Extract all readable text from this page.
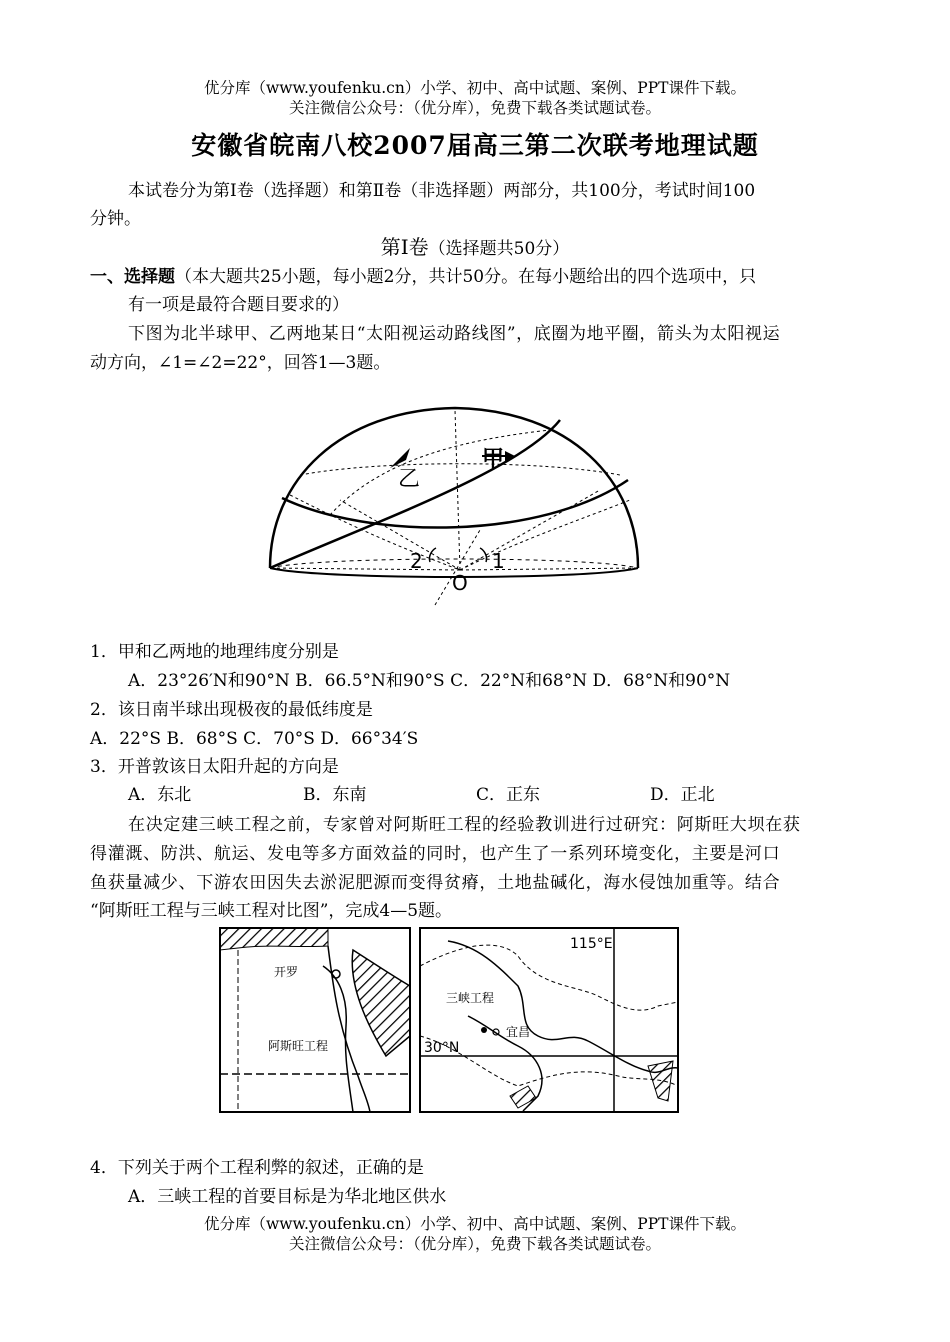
优分库（www.youfenku.cn）小学、初中、高中试题、案例、PPT课件下载。
关注微信公众号：（优分库），免费下载各类试题试卷。
安徽省皖南八校2007届高三第二次联考地理试题
本试卷分为第Ⅰ卷（选择题）和第Ⅱ卷（非选择题）两部分，共100分，考试时间100
分钟。
第Ⅰ卷（选择题共50分）
一、选择题（本大题共25小题，每小题2分，共计50分。在每小题给出的四个选项中，只
有一项是最符合题目要求的）
下图为北半球甲、乙两地某日“太阳视运动路线图”，底圈为地平圈，箭头为太阳视运
动方向，∠1=∠2=22°，回答1—3题。
乙
甲
2	1
O
1．甲和乙两地的地理纬度分别是
A．23°26′N和90°N B．66.5°N和90°S C．22°N和68°N D．68°N和90°N
2．该日南半球出现极夜的最低纬度是
A．22°S B．68°S C．70°S D．66°34′S
3．开普敦该日太阳升起的方向是
A．东北	B．东南	C．正东	D．正北
在决定建三峡工程之前，专家曾对阿斯旺工程的经验教训进行过研究：阿斯旺大坝在获
得灌溉、防洪、航运、发电等多方面效益的同时，也产生了一系列环境变化，主要是河口
鱼获量减少、下游农田因失去淤泥肥源而变得贫瘠，土地盐碱化，海水侵蚀加重等。结合
“阿斯旺工程与三峡工程对比图”，完成4—5题。
开罗
阿斯旺工程
三峡工程
宜昌
30°N
115°E
4．下列关于两个工程利弊的叙述，正确的是
A．三峡工程的首要目标是为华北地区供水
优分库（www.youfenku.cn）小学、初中、高中试题、案例、PPT课件下载。
关注微信公众号：（优分库），免费下载各类试题试卷。
